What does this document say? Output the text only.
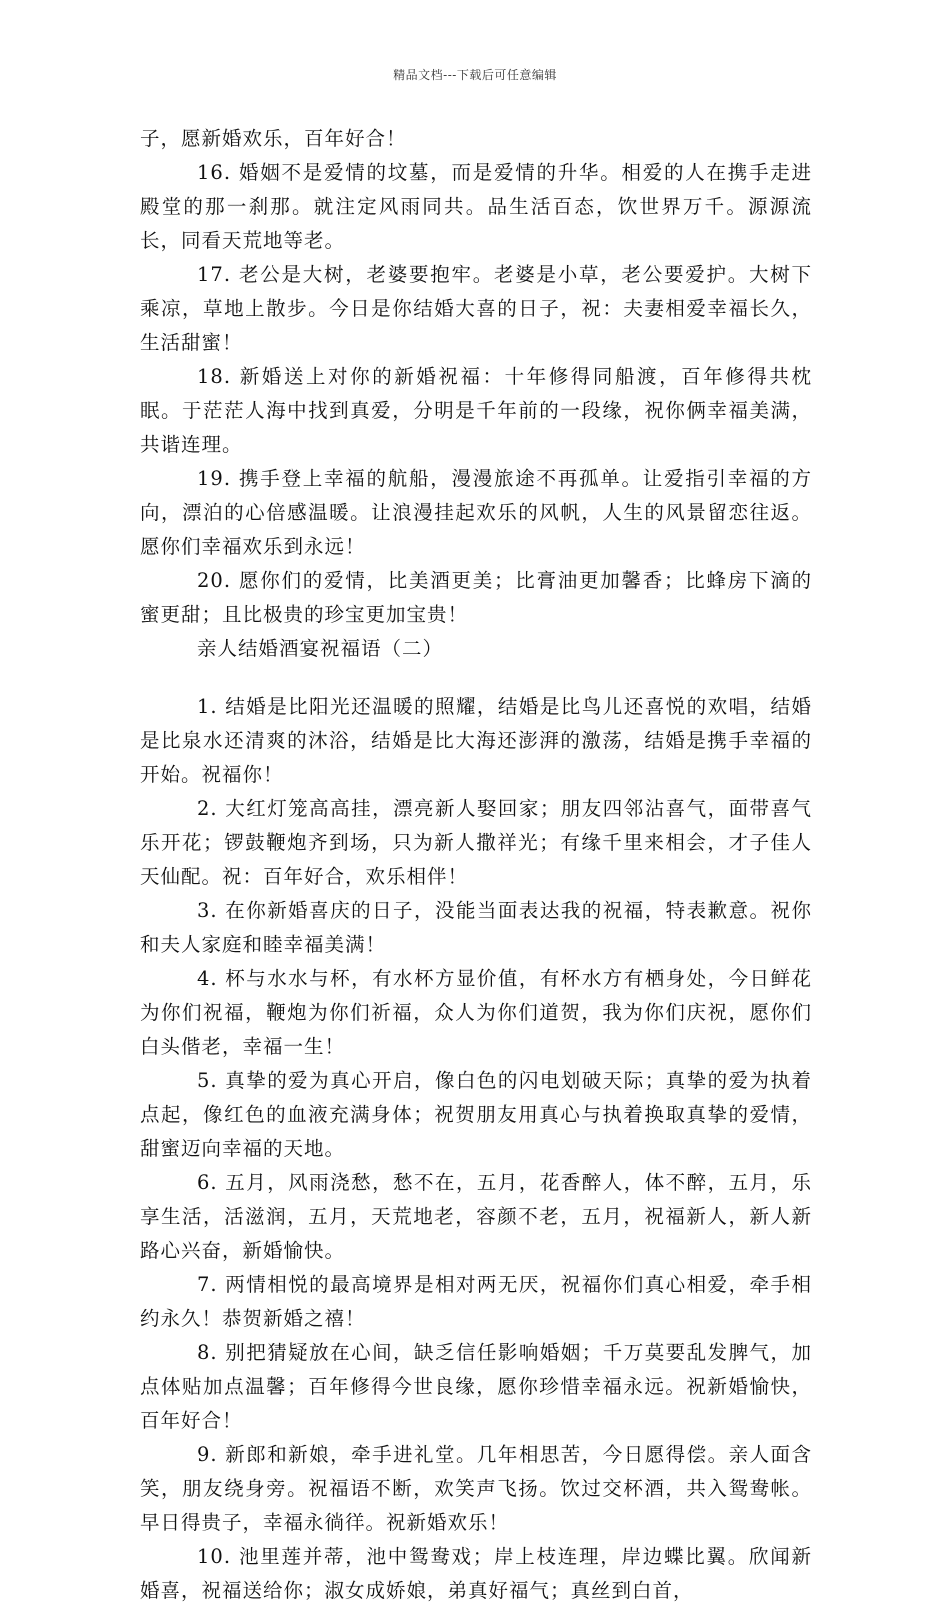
精品文档---下载后可任意编辑

子，愿新婚欢乐，百年好合！

16. 婚姻不是爱情的坟墓，而是爱情的升华。相爱的人在携手走进殿堂的那一刹那。就注定风雨同共。品生活百态，饮世界万千。源源流长，同看天荒地等老。

17. 老公是大树，老婆要抱牢。老婆是小草，老公要爱护。大树下乘凉，草地上散步。今日是你结婚大喜的日子，祝：夫妻相爱幸福长久，生活甜蜜！

18. 新婚送上对你的新婚祝福：十年修得同船渡，百年修得共枕眠。于茫茫人海中找到真爱，分明是千年前的一段缘，祝你俩幸福美满，共谐连理。

19. 携手登上幸福的航船，漫漫旅途不再孤单。让爱指引幸福的方向，漂泊的心倍感温暖。让浪漫挂起欢乐的风帆，人生的风景留恋往返。愿你们幸福欢乐到永远！

20. 愿你们的爱情，比美酒更美；比膏油更加馨香；比蜂房下滴的蜜更甜；且比极贵的珍宝更加宝贵！

亲人结婚酒宴祝福语（二）

1. 结婚是比阳光还温暖的照耀，结婚是比鸟儿还喜悦的欢唱，结婚是比泉水还清爽的沐浴，结婚是比大海还澎湃的激荡，结婚是携手幸福的开始。祝福你！

2. 大红灯笼高高挂，漂亮新人娶回家；朋友四邻沾喜气，面带喜气乐开花；锣鼓鞭炮齐到场，只为新人撒祥光；有缘千里来相会，才子佳人天仙配。祝：百年好合，欢乐相伴！

3. 在你新婚喜庆的日子，没能当面表达我的祝福，特表歉意。祝你和夫人家庭和睦幸福美满！

4. 杯与水水与杯，有水杯方显价值，有杯水方有栖身处，今日鲜花为你们祝福，鞭炮为你们祈福，众人为你们道贺，我为你们庆祝，愿你们白头偕老，幸福一生！

5. 真挚的爱为真心开启，像白色的闪电划破天际；真挚的爱为执着点起，像红色的血液充满身体；祝贺朋友用真心与执着换取真挚的爱情，甜蜜迈向幸福的天地。

6. 五月，风雨浇愁，愁不在，五月，花香醉人，体不醉，五月，乐享生活，活滋润，五月，天荒地老，容颜不老，五月，祝福新人，新人新路心兴奋，新婚愉快。

7. 两情相悦的最高境界是相对两无厌，祝福你们真心相爱，牵手相约永久！恭贺新婚之禧！

8. 别把猜疑放在心间，缺乏信任影响婚姻；千万莫要乱发脾气，加点体贴加点温馨；百年修得今世良缘，愿你珍惜幸福永远。祝新婚愉快，百年好合！

9. 新郎和新娘，牵手进礼堂。几年相思苦，今日愿得偿。亲人面含笑，朋友绕身旁。祝福语不断，欢笑声飞扬。饮过交杯酒，共入鸳鸯帐。早日得贵子，幸福永徜徉。祝新婚欢乐！

10. 池里莲并蒂，池中鸳鸯戏；岸上枝连理，岸边蝶比翼。欣闻新婚喜，祝福送给你；淑女成娇娘，弟真好福气；真丝到白首，
